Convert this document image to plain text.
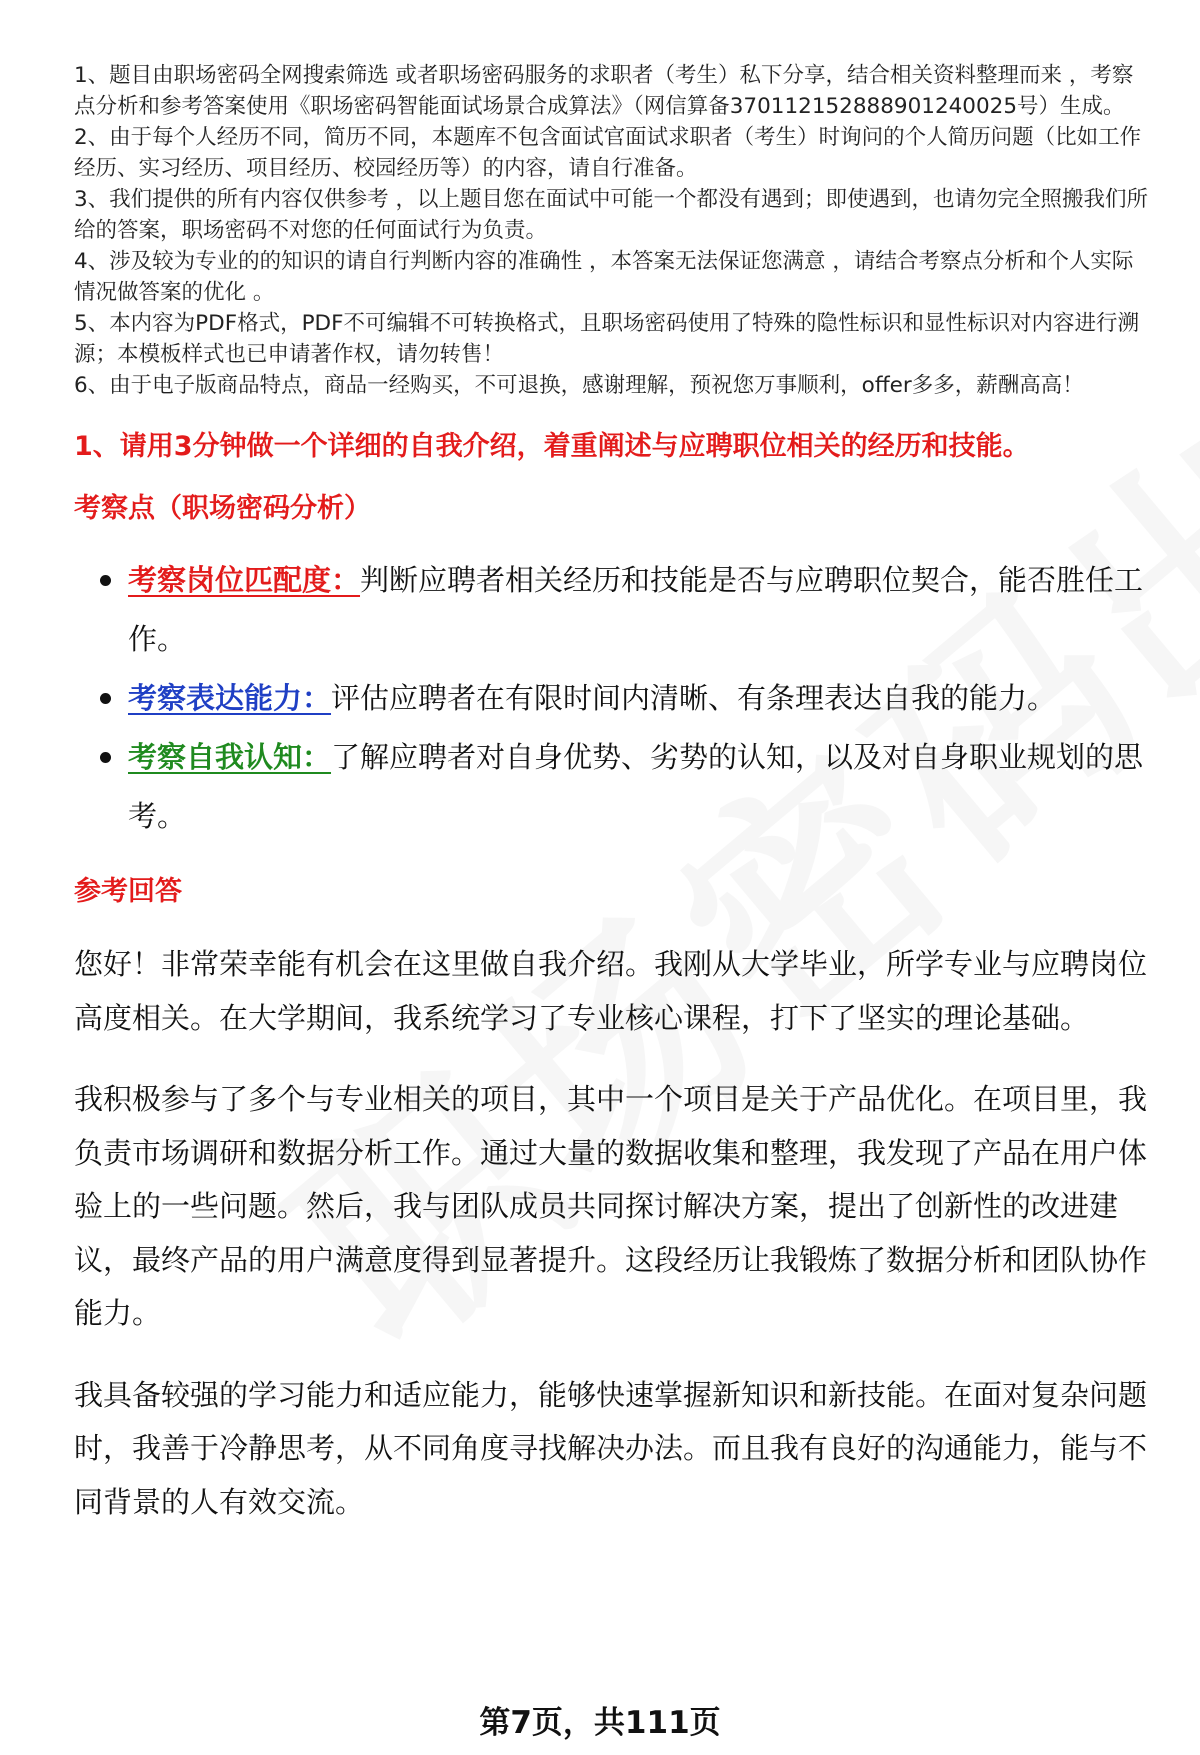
1、题目由职场密码全网搜索筛选 或者职场密码服务的求职者（考生）私下分享，结合相关资料整理而来 ，考察点分析和参考答案使用《职场密码智能面试场景合成算法》（网信算备370112152888901240025号）生成。

2、由于每个人经历不同，简历不同，本题库不包含面试官面试求职者（考生）时询问的个人简历问题（比如工作经历、实习经历、项目经历、校园经历等）的内容，请自行准备。

3、我们提供的所有内容仅供参考 ，以上题目您在面试中可能一个都没有遇到；即使遇到，也请勿完全照搬我们所给的答案，职场密码不对您的任何面试行为负责。

4、涉及较为专业的的知识的请自行判断内容的准确性 ，本答案无法保证您满意 ，请结合考察点分析和个人实际情况做答案的优化 。

5、本内容为PDF格式，PDF不可编辑不可转换格式，且职场密码使用了特殊的隐性标识和显性标识对内容进行溯源；本模板样式也已申请著作权，请勿转售！

6、由于电子版商品特点，商品一经购买，不可退换，感谢理解，预祝您万事顺利，offer多多，薪酬高高！

1、请用3分钟做一个详细的自我介绍，着重阐述与应聘职位相关的经历和技能。
考察点（职场密码分析）
考察岗位匹配度：判断应聘者相关经历和技能是否与应聘职位契合，能否胜任工作。
考察表达能力：评估应聘者在有限时间内清晰、有条理表达自我的能力。
考察自我认知：了解应聘者对自身优势、劣势的认知，以及对自身职业规划的思考。
参考回答

您好！非常荣幸能有机会在这里做自我介绍。我刚从大学毕业，所学专业与应聘岗位高度相关。在大学期间，我系统学习了专业核心课程，打下了坚实的理论基础。

我积极参与了多个与专业相关的项目，其中一个项目是关于产品优化。在项目里，我负责市场调研和数据分析工作。通过大量的数据收集和整理，我发现了产品在用户体验上的一些问题。然后，我与团队成员共同探讨解决方案，提出了创新性的改进建议，最终产品的用户满意度得到显著提升。这段经历让我锻炼了数据分析和团队协作能力。

我具备较强的学习能力和适应能力，能够快速掌握新知识和新技能。在面对复杂问题时，我善于冷静思考，从不同角度寻找解决办法。而且我有良好的沟通能力，能与不同背景的人有效交流。

第7页，共111页
